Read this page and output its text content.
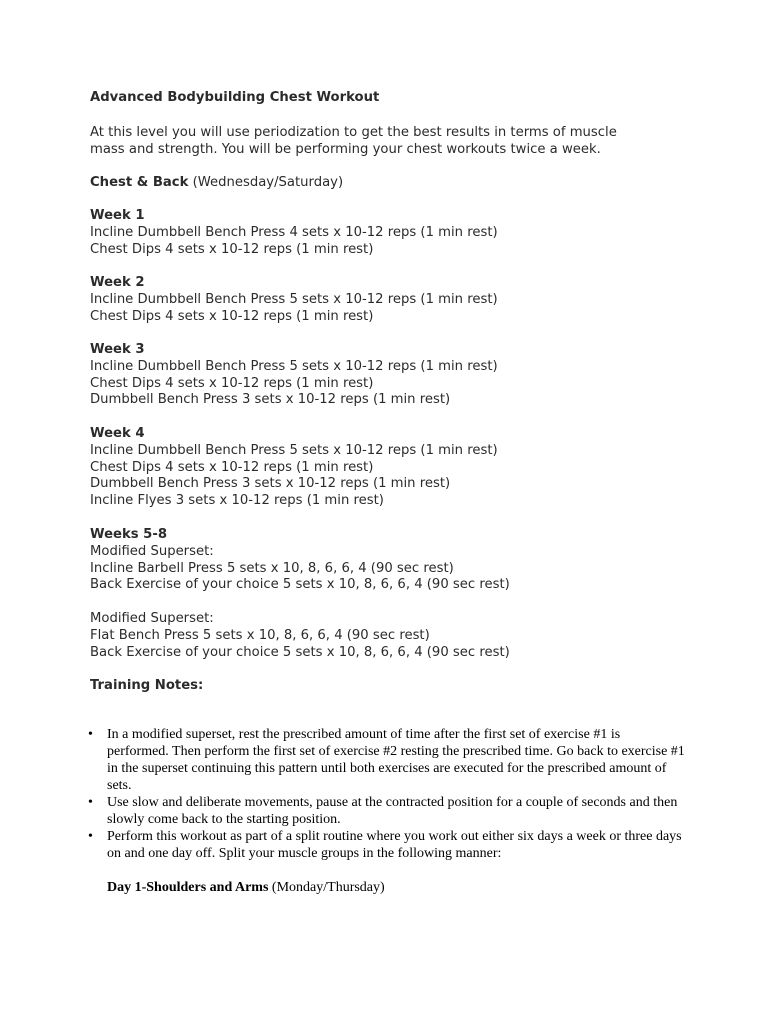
Advanced Bodybuilding Chest Workout
At this level you will use periodization to get the best results in terms of muscle
mass and strength. You will be performing your chest workouts twice a week.
Chest & Back (Wednesday/Saturday)
Week 1
Incline Dumbbell Bench Press 4 sets x 10-12 reps (1 min rest)
Chest Dips 4 sets x 10-12 reps (1 min rest)
Week 2
Incline Dumbbell Bench Press 5 sets x 10-12 reps (1 min rest)
Chest Dips 4 sets x 10-12 reps (1 min rest)
Week 3
Incline Dumbbell Bench Press 5 sets x 10-12 reps (1 min rest)
Chest Dips 4 sets x 10-12 reps (1 min rest)
Dumbbell Bench Press 3 sets x 10-12 reps (1 min rest)
Week 4
Incline Dumbbell Bench Press 5 sets x 10-12 reps (1 min rest)
Chest Dips 4 sets x 10-12 reps (1 min rest)
Dumbbell Bench Press 3 sets x 10-12 reps (1 min rest)
Incline Flyes 3 sets x 10-12 reps (1 min rest)
Weeks 5-8
Modified Superset:
Incline Barbell Press 5 sets x 10, 8, 6, 6, 4 (90 sec rest)
Back Exercise of your choice 5 sets x 10, 8, 6, 6, 4 (90 sec rest)
Modified Superset:
Flat Bench Press 5 sets x 10, 8, 6, 6, 4 (90 sec rest)
Back Exercise of your choice 5 sets x 10, 8, 6, 6, 4 (90 sec rest)
Training Notes:
• In a modified superset, rest the prescribed amount of time after the first set of exercise #1 is
performed. Then perform the first set of exercise #2 resting the prescribed time. Go back to exercise #1
in the superset continuing this pattern until both exercises are executed for the prescribed amount of
sets.
• Use slow and deliberate movements, pause at the contracted position for a couple of seconds and then
slowly come back to the starting position.
• Perform this workout as part of a split routine where you work out either six days a week or three days
on and one day off. Split your muscle groups in the following manner:
Day 1-Shoulders and Arms (Monday/Thursday)
